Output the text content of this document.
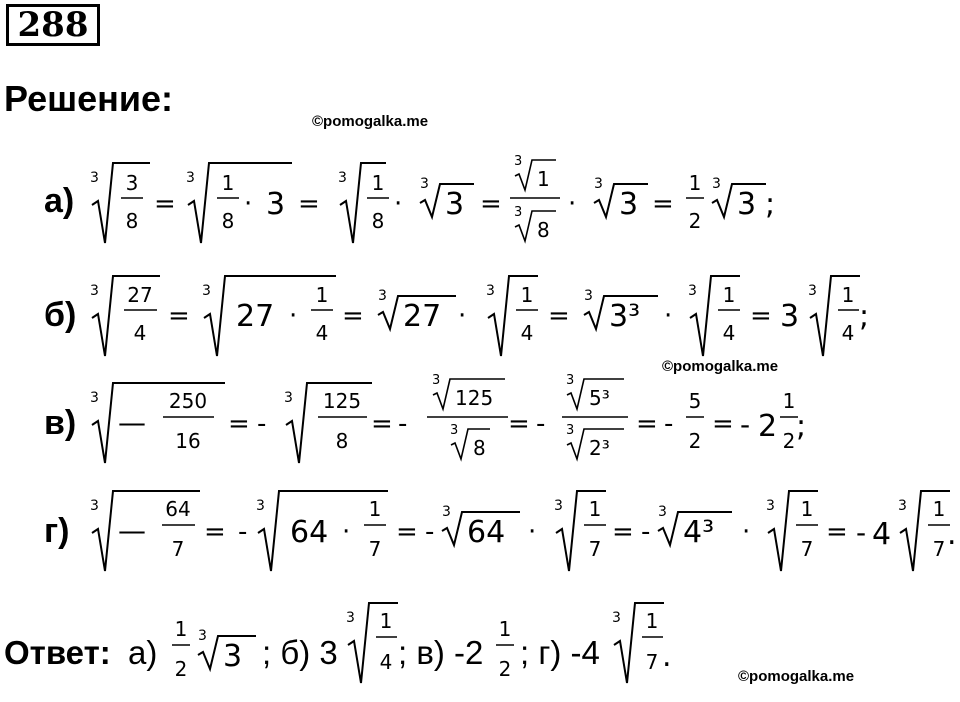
288
Решение:
©pomogalka.me
©pomogalka.me
©pomogalka.me
а)
б)
в)
г)
Ответ: а)	; б) 3 ; в) -2 ; г) -4
3 3
8
=
3 1
8
· 3 =
3 1
8
·
3
3 =
3
1
3
8
·
3
3 =
1
2
3
3 ;
3 27
4
=
3
27 ·
1
4
=
3
27 ·
3 1
4
=
3
3³ ·
3 1
4
= 3
3 1
4 ;
3
—
250
16
= -
3 125
8
= -
3
125
3
8
= -
3
5³
3
2³
= -
5
2
= - 2
1
2 ;
3
—
64
7
= -
3
64 ·
1
7
= -
3
64 ·
3 1
7
= -
3
4³ ·
3 1
7
= - 4
3 1
7 .
1
2
3
3
3 1
4
1
2
3 1
7 .
